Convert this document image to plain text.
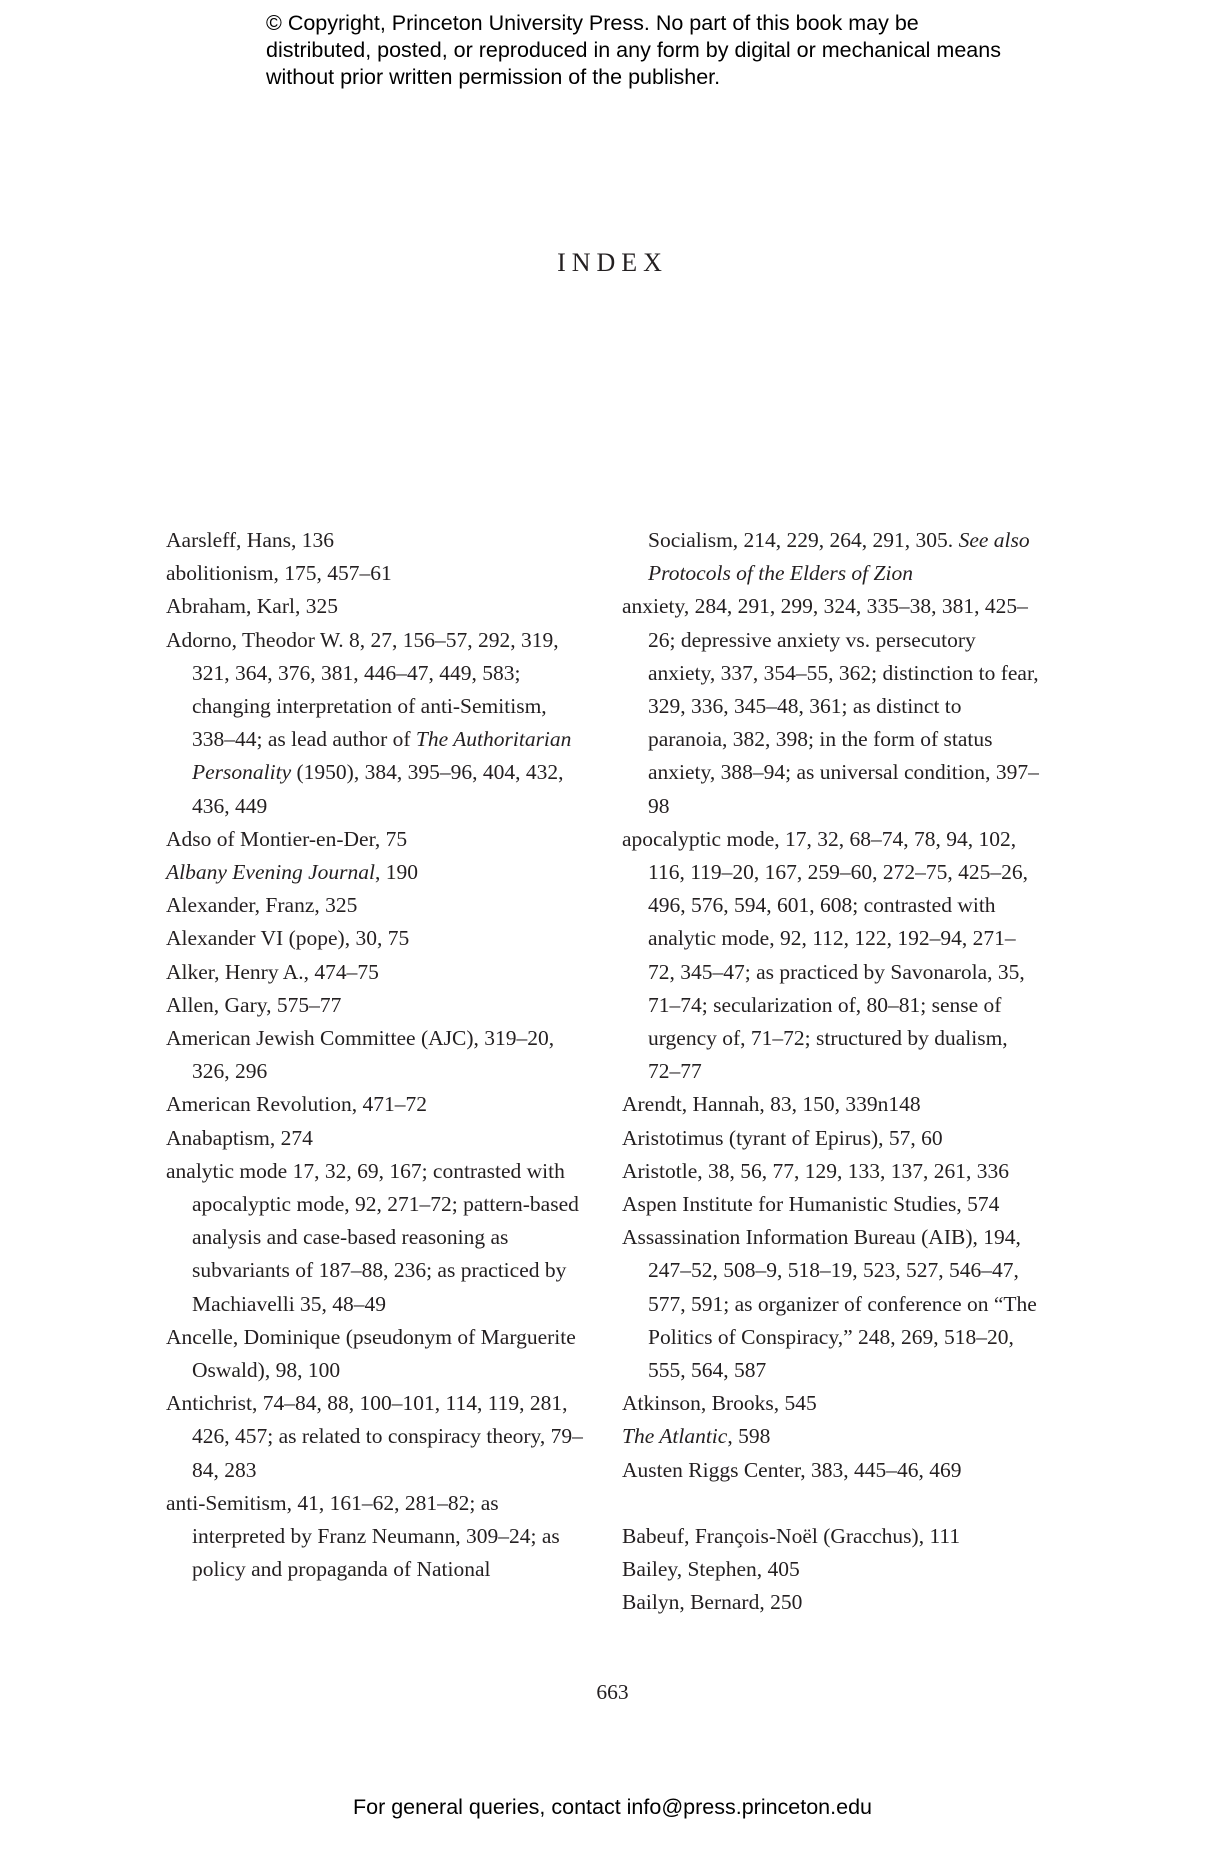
© Copyright, Princeton University Press. No part of this book may be distributed, posted, or reproduced in any form by digital or mechanical means without prior written permission of the publisher.
INDEX

Aarsleff, Hans, 136

abolitionism, 175, 457–61

Abraham, Karl, 325

Adorno, Theodor W. 8, 27, 156–57, 292, 319, 321, 364, 376, 381, 446–47, 449, 583; changing interpretation of anti-Semitism, 338–44; as lead author of The Authoritarian Personality (1950), 384, 395–96, 404, 432, 436, 449

Adso of Montier-en-Der, 75

Albany Evening Journal, 190

Alexander, Franz, 325

Alexander VI (pope), 30, 75

Alker, Henry A., 474–75

Allen, Gary, 575–77

American Jewish Committee (AJC), 319–20, 326, 296

American Revolution, 471–72

Anabaptism, 274

analytic mode 17, 32, 69, 167; contrasted with apocalyptic mode, 92, 271–72; pattern-based analysis and case-based reasoning as subvariants of 187–88, 236; as practiced by Machiavelli 35, 48–49

Ancelle, Dominique (pseudonym of Marguerite Oswald), 98, 100

Antichrist, 74–84, 88, 100–101, 114, 119, 281, 426, 457; as related to conspiracy theory, 79–84, 283

anti-Semitism, 41, 161–62, 281–82; as interpreted by Franz Neumann, 309–24; as policy and propaganda of National

Socialism, 214, 229, 264, 291, 305. See also Protocols of the Elders of Zion

anxiety, 284, 291, 299, 324, 335–38, 381, 425–26; depressive anxiety vs. persecutory anxiety, 337, 354–55, 362; distinction to fear, 329, 336, 345–48, 361; as distinct to paranoia, 382, 398; in the form of status anxiety, 388–94; as universal condition, 397–98

apocalyptic mode, 17, 32, 68–74, 78, 94, 102, 116, 119–20, 167, 259–60, 272–75, 425–26, 496, 576, 594, 601, 608; contrasted with analytic mode, 92, 112, 122, 192–94, 271–72, 345–47; as practiced by Savonarola, 35, 71–74; secularization of, 80–81; sense of urgency of, 71–72; structured by dualism, 72–77

Arendt, Hannah, 83, 150, 339n148

Aristotimus (tyrant of Epirus), 57, 60

Aristotle, 38, 56, 77, 129, 133, 137, 261, 336

Aspen Institute for Humanistic Studies, 574

Assassination Information Bureau (AIB), 194, 247–52, 508–9, 518–19, 523, 527, 546–47, 577, 591; as organizer of conference on “The Politics of Conspiracy,” 248, 269, 518–20, 555, 564, 587

Atkinson, Brooks, 545

The Atlantic, 598

Austen Riggs Center, 383, 445–46, 469

Babeuf, François-Noël (Gracchus), 111

Bailey, Stephen, 405

Bailyn, Bernard, 250

663
For general queries, contact info@press.princeton.edu
